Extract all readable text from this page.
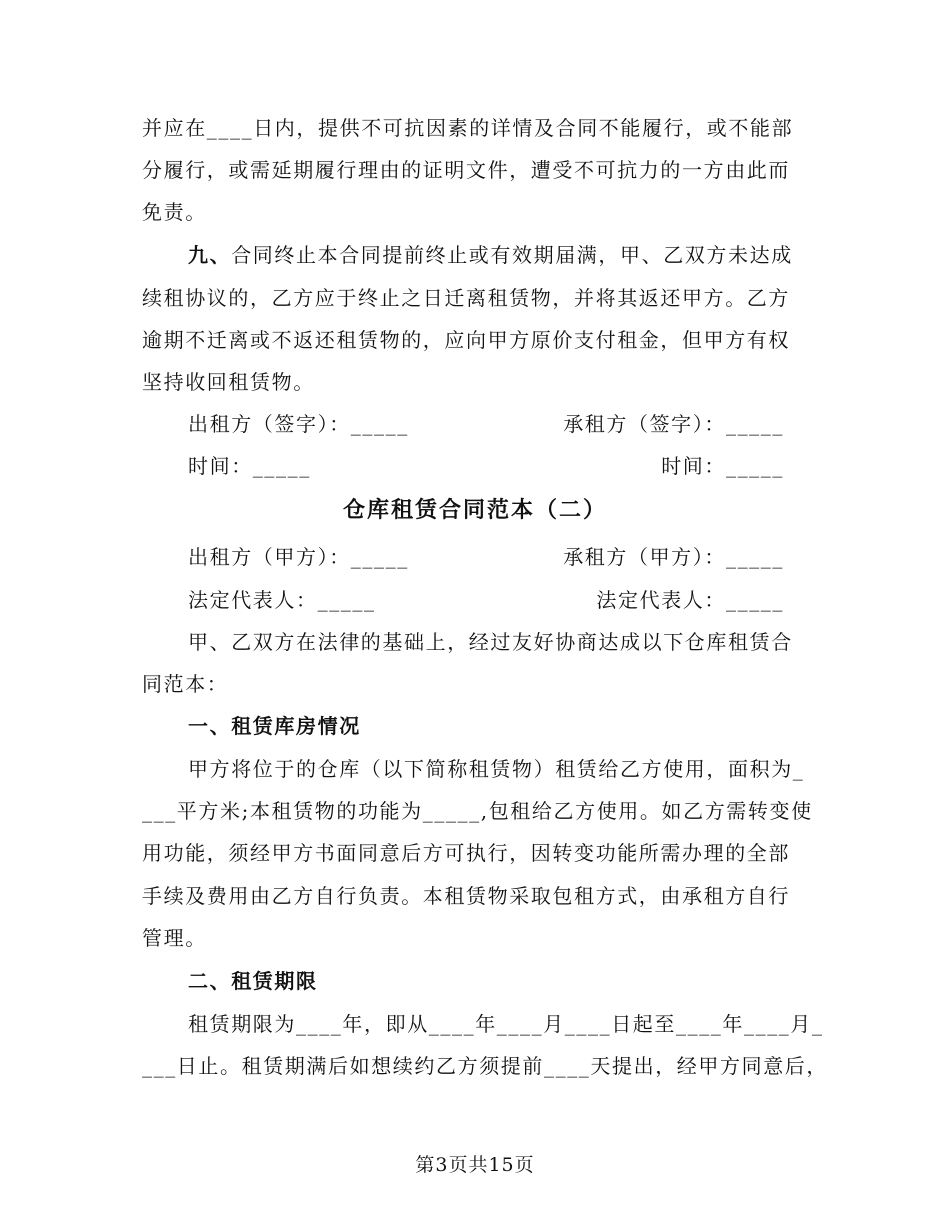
并应在____日内，提供不可抗因素的详情及合同不能履行，或不能部
分履行，或需延期履行理由的证明文件，遭受不可抗力的一方由此而
免责。
九、合同终止本合同提前终止或有效期届满，甲、乙双方未达成
续租协议的，乙方应于终止之日迁离租赁物，并将其返还甲方。乙方
逾期不迁离或不返还租赁物的，应向甲方原价支付租金，但甲方有权
坚持收回租赁物。
出租方（签字）：_____	承租方（签字）：_____
时间：_____	时间：_____
仓库租赁合同范本（二）
出租方（甲方）：_____	承租方（甲方）：_____
法定代表人：_____	法定代表人：_____
甲、乙双方在法律的基础上，经过友好协商达成以下仓库租赁合
同范本：
一、租赁库房情况
甲方将位于的仓库（以下简称租赁物）租赁给乙方使用，面积为_
___平方米;本租赁物的功能为_____,包租给乙方使用。如乙方需转变使
用功能，须经甲方书面同意后方可执行，因转变功能所需办理的全部
手续及费用由乙方自行负责。本租赁物采取包租方式，由承租方自行
管理。
二、租赁期限
租赁期限为____年，即从____年____月____日起至____年____月_
___日止。租赁期满后如想续约乙方须提前____天提出，经甲方同意后，
第3页共15页
